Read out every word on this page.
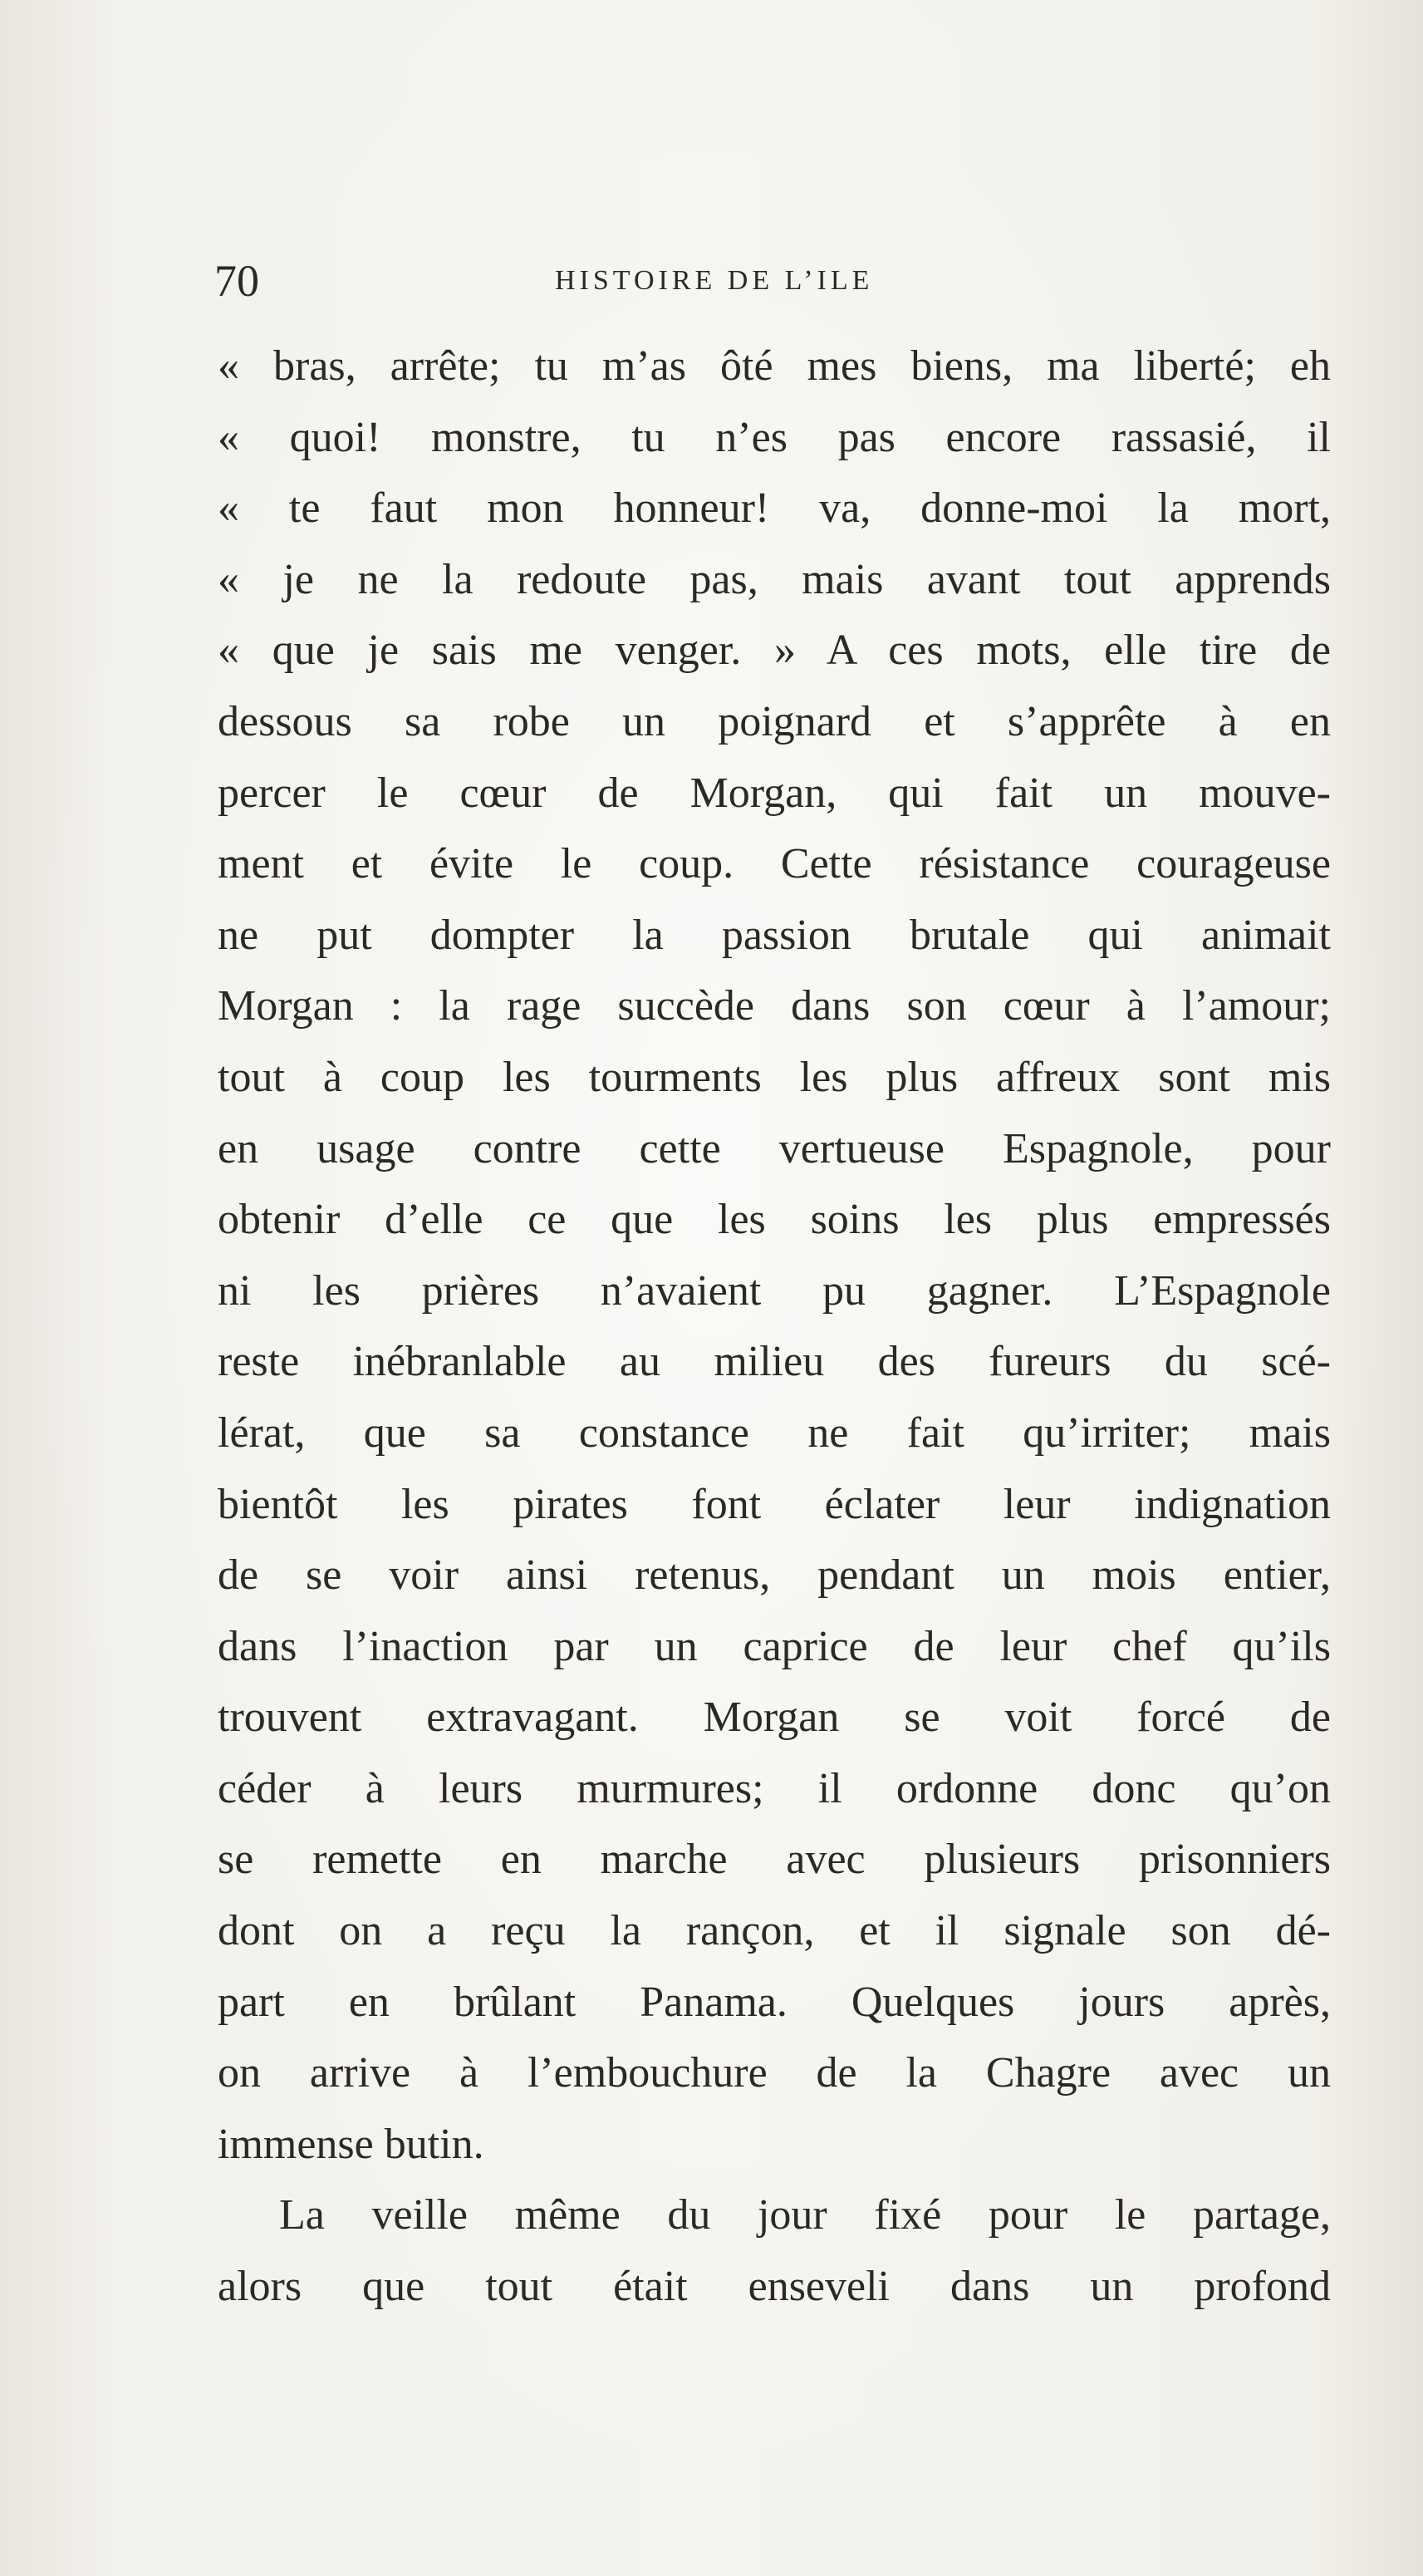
70	HISTOIRE DE L’ILE
« bras, arrête; tu m’as ôté mes biens, ma liberté; eh
« quoi! monstre, tu n’es pas encore rassasié, il
« te faut mon honneur! va, donne-moi la mort,
« je ne la redoute pas, mais avant tout apprends
« que je sais me venger. » A ces mots, elle tire de
dessous sa robe un poignard et s’apprête à en
percer le cœur de Morgan, qui fait un mouve-
ment et évite le coup. Cette résistance courageuse
ne put dompter la passion brutale qui animait
Morgan : la rage succède dans son cœur à l’amour;
tout à coup les tourments les plus affreux sont mis
en usage contre cette vertueuse Espagnole, pour
obtenir d’elle ce que les soins les plus empressés
ni les prières n’avaient pu gagner. L’Espagnole
reste inébranlable au milieu des fureurs du scé-
lérat, que sa constance ne fait qu’irriter; mais
bientôt les pirates font éclater leur indignation
de se voir ainsi retenus, pendant un mois entier,
dans l’inaction par un caprice de leur chef qu’ils
trouvent extravagant. Morgan se voit forcé de
céder à leurs murmures; il ordonne donc qu’on
se remette en marche avec plusieurs prisonniers
dont on a reçu la rançon, et il signale son dé-
part en brûlant Panama. Quelques jours après,
on arrive à l’embouchure de la Chagre avec un
immense butin.
La veille même du jour fixé pour le partage,
alors que tout était enseveli dans un profond
